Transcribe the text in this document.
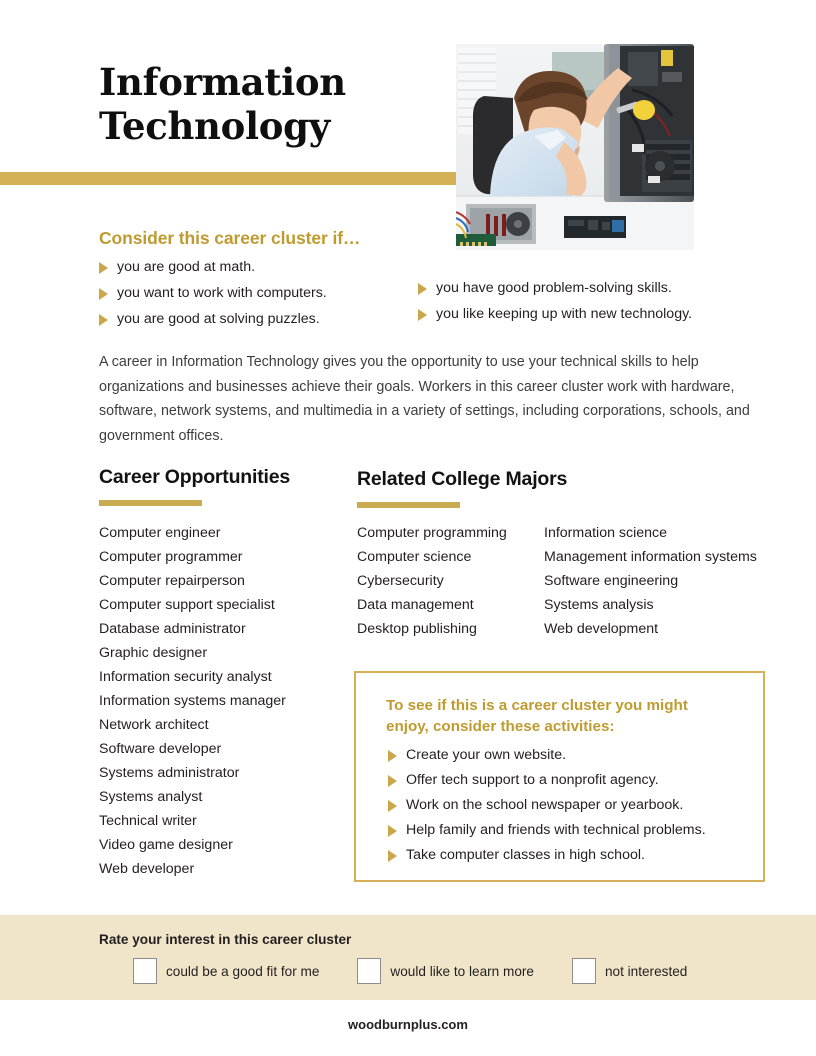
Information
Technology
Consider this career cluster if…
you are good at math.
you want to work with computers.
you are good at solving puzzles.
you have good problem-solving skills.
you like keeping up with new technology.
A career in Information Technology gives you the opportunity to use your technical skills to help organizations and businesses achieve their goals. Workers in this career cluster work with hardware, software, network systems, and multimedia in a variety of settings, including corporations, schools, and government offices.
Career Opportunities
Computer engineer
Computer programmer
Computer repairperson
Computer support specialist
Database administrator
Graphic designer
Information security analyst
Information systems manager
Network architect
Software developer
Systems administrator
Systems analyst
Technical writer
Video game designer
Web developer
Related College Majors
Computer programming
Computer science
Cybersecurity
Data management
Desktop publishing
Information science
Management information systems
Software engineering
Systems analysis
Web development
To see if this is a career cluster you might enjoy, consider these activities:
Create your own website.
Offer tech support to a nonprofit agency.
Work on the school newspaper or yearbook.
Help family and friends with technical problems.
Take computer classes in high school.
Rate your interest in this career cluster
could be a good fit for me	would like to learn more	not interested
woodburnplus.com
